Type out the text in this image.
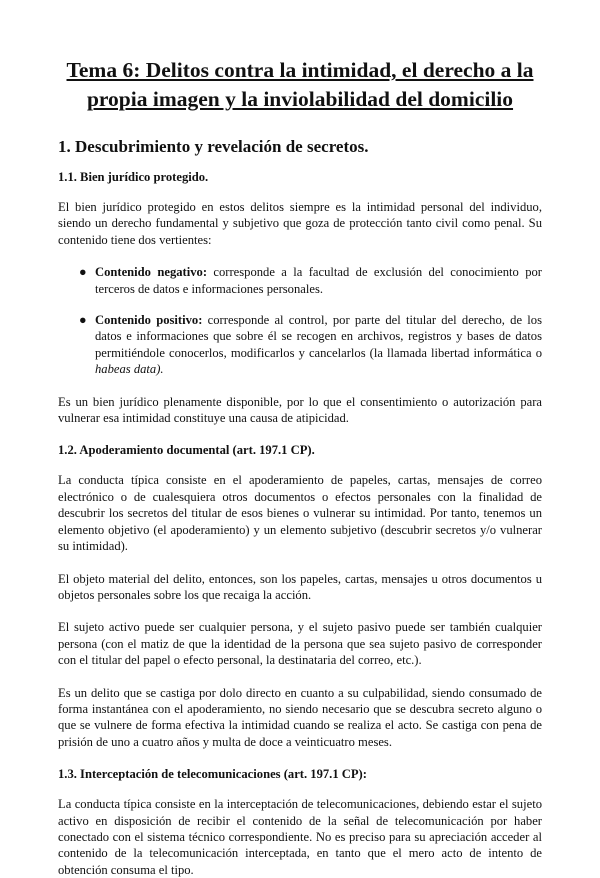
Tema 6: Delitos contra la intimidad, el derecho a la propia imagen y la inviolabilidad del domicilio
1. Descubrimiento y revelación de secretos.
1.1. Bien jurídico protegido.

El bien jurídico protegido en estos delitos siempre es la intimidad personal del individuo, siendo un derecho fundamental y subjetivo que goza de protección tanto civil como penal. Su contenido tiene dos vertientes:

● Contenido negativo: corresponde a la facultad de exclusión del conocimiento por terceros de datos e informaciones personales.
● Contenido positivo: corresponde al control, por parte del titular del derecho, de los datos e informaciones que sobre él se recogen en archivos, registros y bases de datos permitiéndole conocerlos, modificarlos y cancelarlos (la llamada libertad informática o habeas data).

Es un bien jurídico plenamente disponible, por lo que el consentimiento o autorización para vulnerar esa intimidad constituye una causa de atipicidad.

1.2. Apoderamiento documental (art. 197.1 CP).

La conducta típica consiste en el apoderamiento de papeles, cartas, mensajes de correo electrónico o de cualesquiera otros documentos o efectos personales con la finalidad de descubrir los secretos del titular de esos bienes o vulnerar su intimidad. Por tanto, tenemos un elemento objetivo (el apoderamiento) y un elemento subjetivo (descubrir secretos y/o vulnerar su intimidad).

El objeto material del delito, entonces, son los papeles, cartas, mensajes u otros documentos u objetos personales sobre los que recaiga la acción.

El sujeto activo puede ser cualquier persona, y el sujeto pasivo puede ser también cualquier persona (con el matiz de que la identidad de la persona que sea sujeto pasivo de corresponder con el titular del papel o efecto personal, la destinataria del correo, etc.).

Es un delito que se castiga por dolo directo en cuanto a su culpabilidad, siendo consumado de forma instantánea con el apoderamiento, no siendo necesario que se descubra secreto alguno o que se vulnere de forma efectiva la intimidad cuando se realiza el acto. Se castiga con pena de prisión de uno a cuatro años y multa de doce a veinticuatro meses.

1.3. Interceptación de telecomunicaciones (art. 197.1 CP):

La conducta típica consiste en la interceptación de telecomunicaciones, debiendo estar el sujeto activo en disposición de recibir el contenido de la señal de telecomunicación por haber conectado con el sistema técnico correspondiente. No es preciso para su apreciación acceder al contenido de la telecomunicación interceptada, en tanto que el mero acto de intento de obtención consuma el tipo.
